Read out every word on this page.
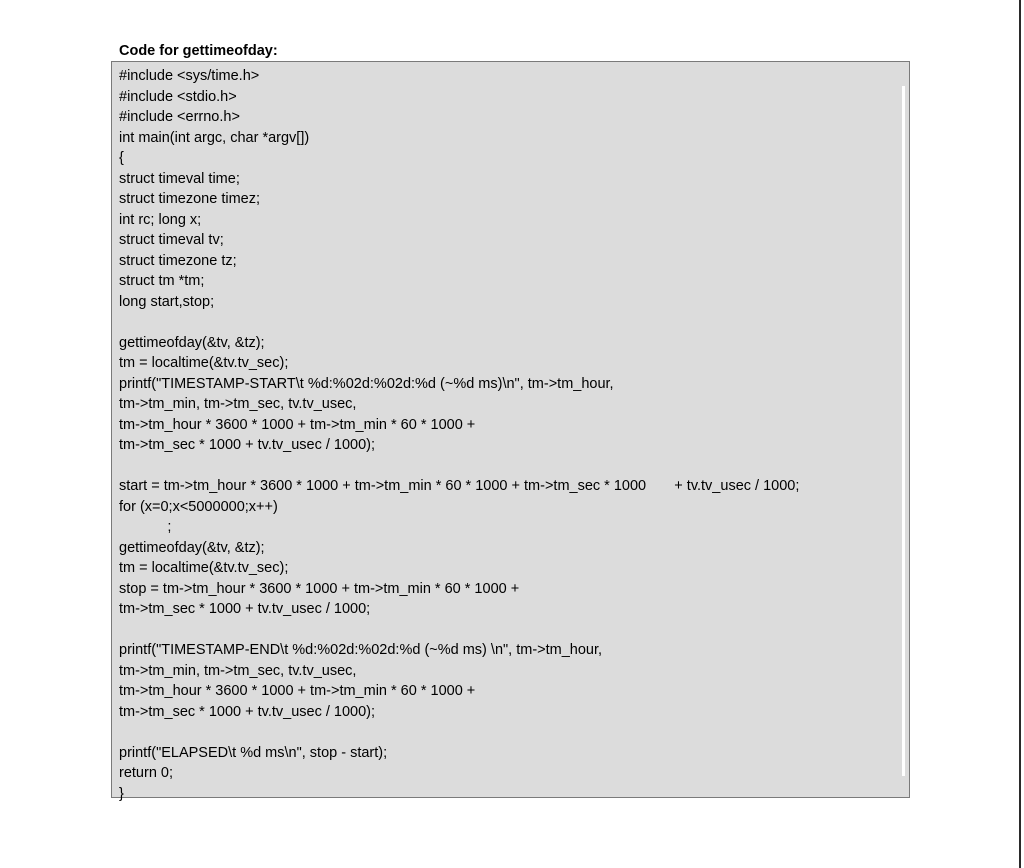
Code for gettimeofday:
#include <sys/time.h>
#include <stdio.h>
#include <errno.h>
int main(int argc, char *argv[])
{
struct timeval time;
struct timezone timez;
int rc; long x;
struct timeval tv;
struct timezone tz;
struct tm *tm;
long start,stop;
gettimeofday(&tv, &tz);
tm = localtime(&tv.tv_sec);
printf("TIMESTAMP-START\t %d:%02d:%02d:%d (~%d ms)\n", tm->tm_hour,
tm->tm_min, tm->tm_sec, tv.tv_usec,
tm->tm_hour * 3600 * 1000 + tm->tm_min * 60 * 1000 +
tm->tm_sec * 1000 + tv.tv_usec / 1000);
start = tm->tm_hour * 3600 * 1000 + tm->tm_min * 60 * 1000 + tm->tm_sec * 1000       + tv.tv_usec / 1000;
for (x=0;x<5000000;x++)
;
gettimeofday(&tv, &tz);
tm = localtime(&tv.tv_sec);
stop = tm->tm_hour * 3600 * 1000 + tm->tm_min * 60 * 1000 +
tm->tm_sec * 1000 + tv.tv_usec / 1000;
printf("TIMESTAMP-END\t %d:%02d:%02d:%d (~%d ms) \n", tm->tm_hour,
tm->tm_min, tm->tm_sec, tv.tv_usec,
tm->tm_hour * 3600 * 1000 + tm->tm_min * 60 * 1000 +
tm->tm_sec * 1000 + tv.tv_usec / 1000);
printf("ELAPSED\t %d ms\n", stop - start);
return 0;
}
